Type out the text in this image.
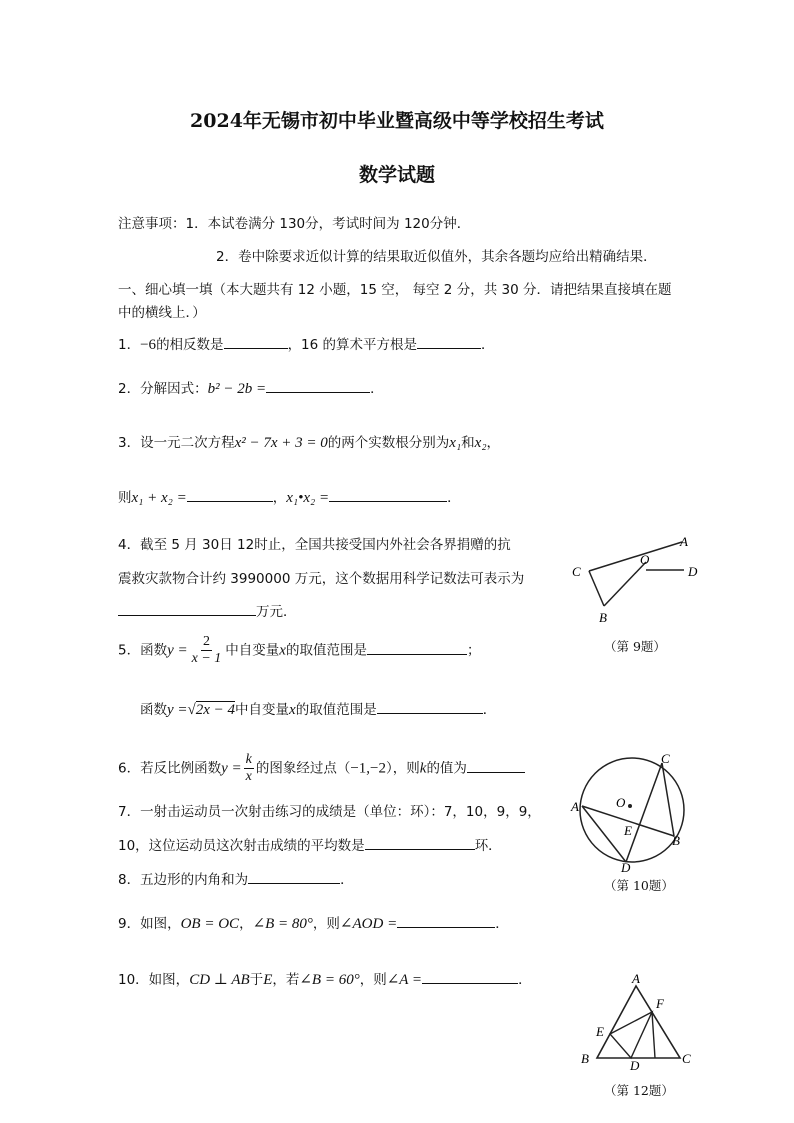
2024年无锡市初中毕业暨高级中等学校招生考试
数学试题
注意事项：1．本试卷满分 130分，考试时间为 120分钟．
2．卷中除要求近似计算的结果取近似值外，其余各题均应给出精确结果．
一、细心填一填（本大题共有 12 小题，15 空， 每空 2 分，共 30 分．请把结果直接填在题
中的横线上．）
1．−6的相反数是	，16 的算术平方根是	．
2．分解因式：b² − 2b =	．
3．设一元二次方程x² − 7x + 3 = 0的两个实数根分别为x₁和x₂，
则x₁ + x₂ =	，x₁•x₂ =	．
4．截至 5 月 30日 12时止，全国共接受国内外社会各界捐赠的抗
震救灾款物合计约 3990000 万元，这个数据用科学记数法可表示为
万元．
5．函数$y = \frac{2}{x - 1}$ 中自变量x的取值范围是	；
函数y =√2x − 4中自变量x的取值范围是	．
6．若反比例函数$y = \frac{k}{x}$ 的图象经过点（−1,−2），则k的值为
7．一射击运动员一次射击练习的成绩是（单位：环）：7，10，9，9，
10，这位运动员这次射击成绩的平均数是	环．
8．五边形的内角和为	．
9．如图，OB = OC，∠B = 80°，则∠AOD =	．
10．如图，CD ⊥ AB于E，若∠B = 60°，则∠A =	．
A
O
C	D
B
（第 9题）
A
C
O
E
B
D
（第 10题）
A
F
E
B	D	C
（第 12题）
